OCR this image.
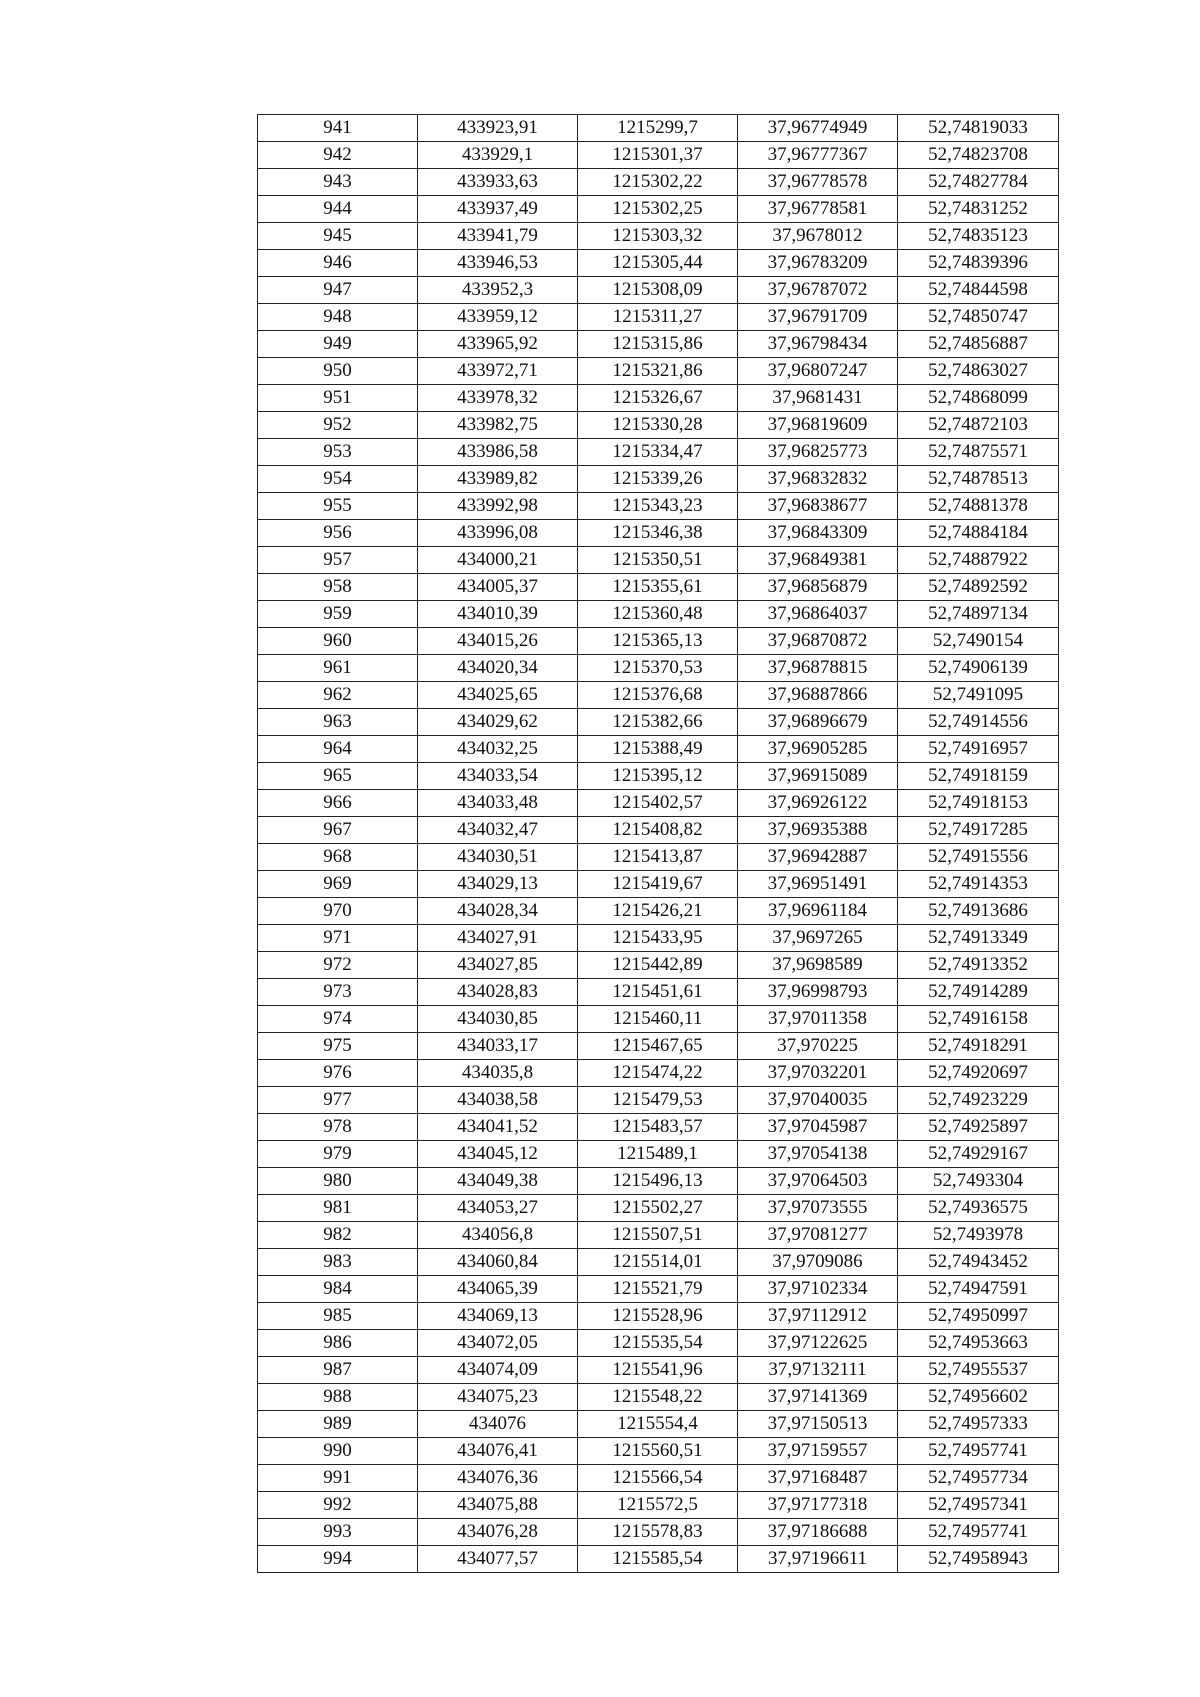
941	433923,91	1215299,7	37,96774949	52,74819033
942	433929,1	1215301,37	37,96777367	52,74823708
943	433933,63	1215302,22	37,96778578	52,74827784
944	433937,49	1215302,25	37,96778581	52,74831252
945	433941,79	1215303,32	37,9678012	52,74835123
946	433946,53	1215305,44	37,96783209	52,74839396
947	433952,3	1215308,09	37,96787072	52,74844598
948	433959,12	1215311,27	37,96791709	52,74850747
949	433965,92	1215315,86	37,96798434	52,74856887
950	433972,71	1215321,86	37,96807247	52,74863027
951	433978,32	1215326,67	37,9681431	52,74868099
952	433982,75	1215330,28	37,96819609	52,74872103
953	433986,58	1215334,47	37,96825773	52,74875571
954	433989,82	1215339,26	37,96832832	52,74878513
955	433992,98	1215343,23	37,96838677	52,74881378
956	433996,08	1215346,38	37,96843309	52,74884184
957	434000,21	1215350,51	37,96849381	52,74887922
958	434005,37	1215355,61	37,96856879	52,74892592
959	434010,39	1215360,48	37,96864037	52,74897134
960	434015,26	1215365,13	37,96870872	52,7490154
961	434020,34	1215370,53	37,96878815	52,74906139
962	434025,65	1215376,68	37,96887866	52,7491095
963	434029,62	1215382,66	37,96896679	52,74914556
964	434032,25	1215388,49	37,96905285	52,74916957
965	434033,54	1215395,12	37,96915089	52,74918159
966	434033,48	1215402,57	37,96926122	52,74918153
967	434032,47	1215408,82	37,96935388	52,74917285
968	434030,51	1215413,87	37,96942887	52,74915556
969	434029,13	1215419,67	37,96951491	52,74914353
970	434028,34	1215426,21	37,96961184	52,74913686
971	434027,91	1215433,95	37,9697265	52,74913349
972	434027,85	1215442,89	37,9698589	52,74913352
973	434028,83	1215451,61	37,96998793	52,74914289
974	434030,85	1215460,11	37,97011358	52,74916158
975	434033,17	1215467,65	37,970225	52,74918291
976	434035,8	1215474,22	37,97032201	52,74920697
977	434038,58	1215479,53	37,97040035	52,74923229
978	434041,52	1215483,57	37,97045987	52,74925897
979	434045,12	1215489,1	37,97054138	52,74929167
980	434049,38	1215496,13	37,97064503	52,7493304
981	434053,27	1215502,27	37,97073555	52,74936575
982	434056,8	1215507,51	37,97081277	52,7493978
983	434060,84	1215514,01	37,9709086	52,74943452
984	434065,39	1215521,79	37,97102334	52,74947591
985	434069,13	1215528,96	37,97112912	52,74950997
986	434072,05	1215535,54	37,97122625	52,74953663
987	434074,09	1215541,96	37,97132111	52,74955537
988	434075,23	1215548,22	37,97141369	52,74956602
989	434076	1215554,4	37,97150513	52,74957333
990	434076,41	1215560,51	37,97159557	52,74957741
991	434076,36	1215566,54	37,97168487	52,74957734
992	434075,88	1215572,5	37,97177318	52,74957341
993	434076,28	1215578,83	37,97186688	52,74957741
994	434077,57	1215585,54	37,97196611	52,74958943
